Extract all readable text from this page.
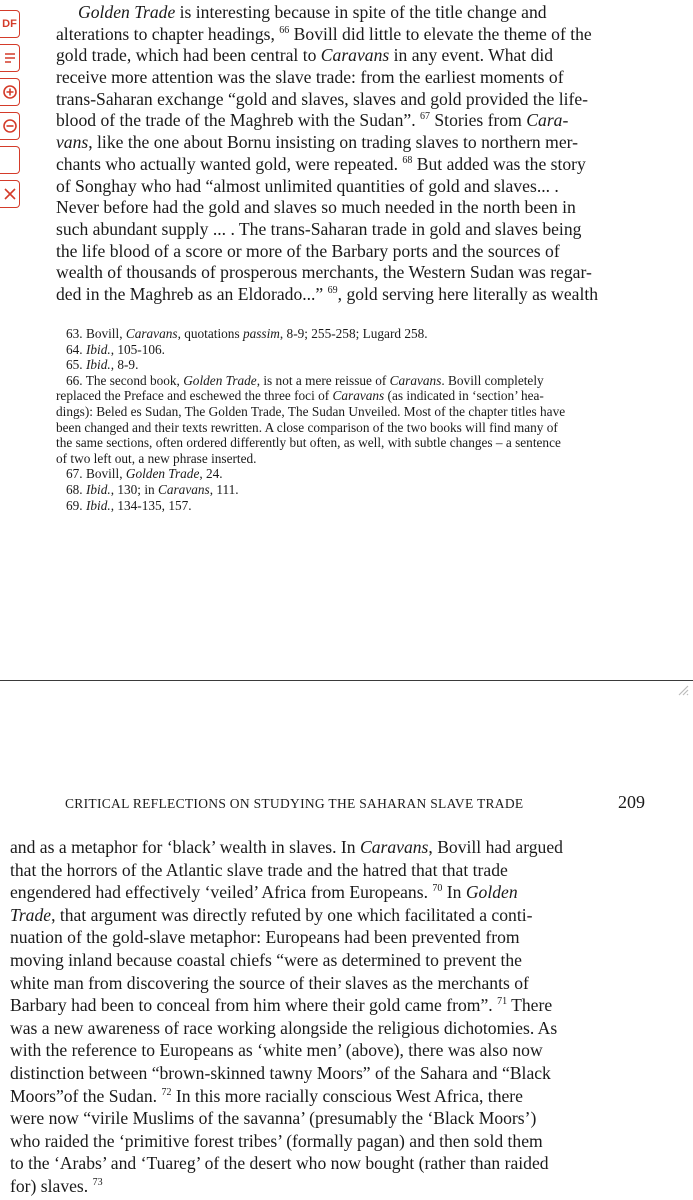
DF
Golden Trade is interesting because in spite of the title change and
alterations to chapter headings, $^{66}$ Bovill did little to elevate the theme of the
gold trade, which had been central to Caravans in any event. What did
receive more attention was the slave trade: from the earliest moments of
trans-Saharan exchange “gold and slaves, slaves and gold provided the life-
blood of the trade of the Maghreb with the Sudan”. $^{67}$ Stories from Cara-
vans, like the one about Bornu insisting on trading slaves to northern mer-
chants who actually wanted gold, were repeated. $^{68}$ But added was the story
of Songhay who had “almost unlimited quantities of gold and slaves... .
Never before had the gold and slaves so much needed in the north been in
such abundant supply ... . The trans-Saharan trade in gold and slaves being
the life blood of a score or more of the Barbary ports and the sources of
wealth of thousands of prosperous merchants, the Western Sudan was regar-
ded in the Maghreb as an Eldorado...” $^{69}$, gold serving here literally as wealth
63. Bovill, Caravans, quotations passim, 8-9; 255-258; Lugard 258.
64. Ibid., 105-106.
65. Ibid., 8-9.
66. The second book, Golden Trade, is not a mere reissue of Caravans. Bovill completely
replaced the Preface and eschewed the three foci of Caravans (as indicated in ‘section’ hea-
dings): Beled es Sudan, The Golden Trade, The Sudan Unveiled. Most of the chapter titles have
been changed and their texts rewritten. A close comparison of the two books will find many of
the same sections, often ordered differently but often, as well, with subtle changes – a sentence
of two left out, a new phrase inserted.
67. Bovill, Golden Trade, 24.
68. Ibid., 130; in Caravans, 111.
69. Ibid., 134-135, 157.
CRITICAL REFLECTIONS ON STUDYING THE SAHARAN SLAVE TRADE	209
and as a metaphor for ‘black’ wealth in slaves. In Caravans, Bovill had argued
that the horrors of the Atlantic slave trade and the hatred that that trade
engendered had effectively ‘veiled’ Africa from Europeans. $^{70}$ In Golden
Trade, that argument was directly refuted by one which facilitated a conti-
nuation of the gold-slave metaphor: Europeans had been prevented from
moving inland because coastal chiefs “were as determined to prevent the
white man from discovering the source of their slaves as the merchants of
Barbary had been to conceal from him where their gold came from”. $^{71}$ There
was a new awareness of race working alongside the religious dichotomies. As
with the reference to Europeans as ‘white men’ (above), there was also now
distinction between “brown-skinned tawny Moors” of the Sahara and “Black
Moors”of the Sudan. $^{72}$ In this more racially conscious West Africa, there
were now “virile Muslims of the savanna’ (presumably the ‘Black Moors’)
who raided the ‘primitive forest tribes’ (formally pagan) and then sold them
to the ‘Arabs’ and ‘Tuareg’ of the desert who now bought (rather than raided
for) slaves. $^{73}$
